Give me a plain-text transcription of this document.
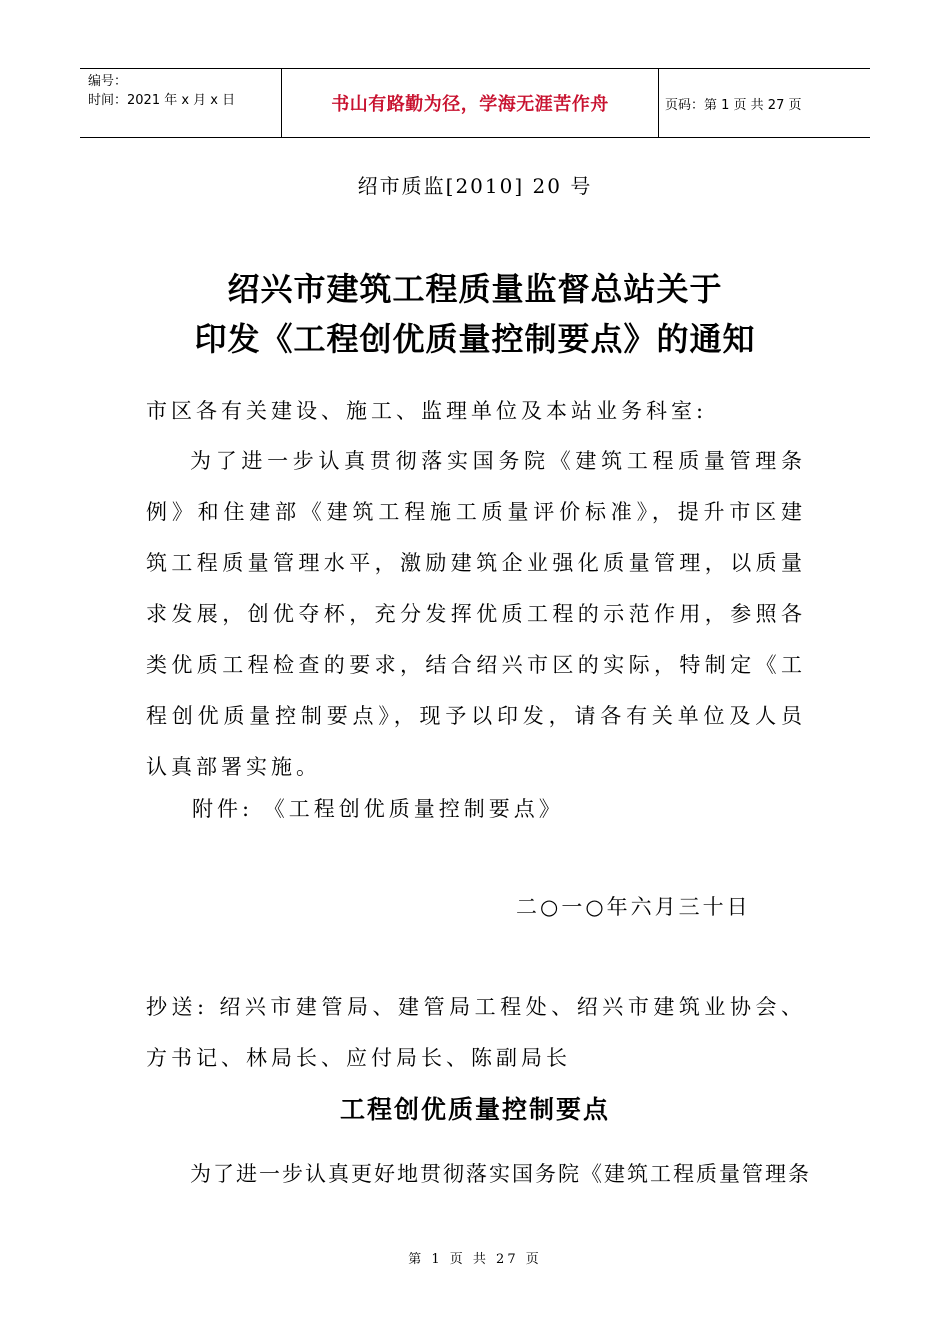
编号：
时间：2021 年 x 月 x 日	书山有路勤为径，学海无涯苦作舟	页码：第 1 页 共 27 页
绍市质监[2010] 20 号
绍兴市建筑工程质量监督总站关于
印发《工程创优质量控制要点》的通知
市区各有关建设、施工、监理单位及本站业务科室:
为了进一步认真贯彻落实国务院《建筑工程质量管理条例》和住建部《建筑工程施工质量评价标准》，提升市区建筑工程质量管理水平，激励建筑企业强化质量管理，以质量求发展，创优夺杯，充分发挥优质工程的示范作用，参照各类优质工程检查的要求，结合绍兴市区的实际，特制定《工程创优质量控制要点》，现予以印发，请各有关单位及人员认真部署实施。
附件: 《工程创优质量控制要点》
二○一○年六月三十日
抄送: 绍兴市建管局、建管局工程处、绍兴市建筑业协会、方书记、林局长、应付局长、陈副局长
工程创优质量控制要点
为了进一步认真更好地贯彻落实国务院《建筑工程质量管理条
第 1 页 共 27 页
